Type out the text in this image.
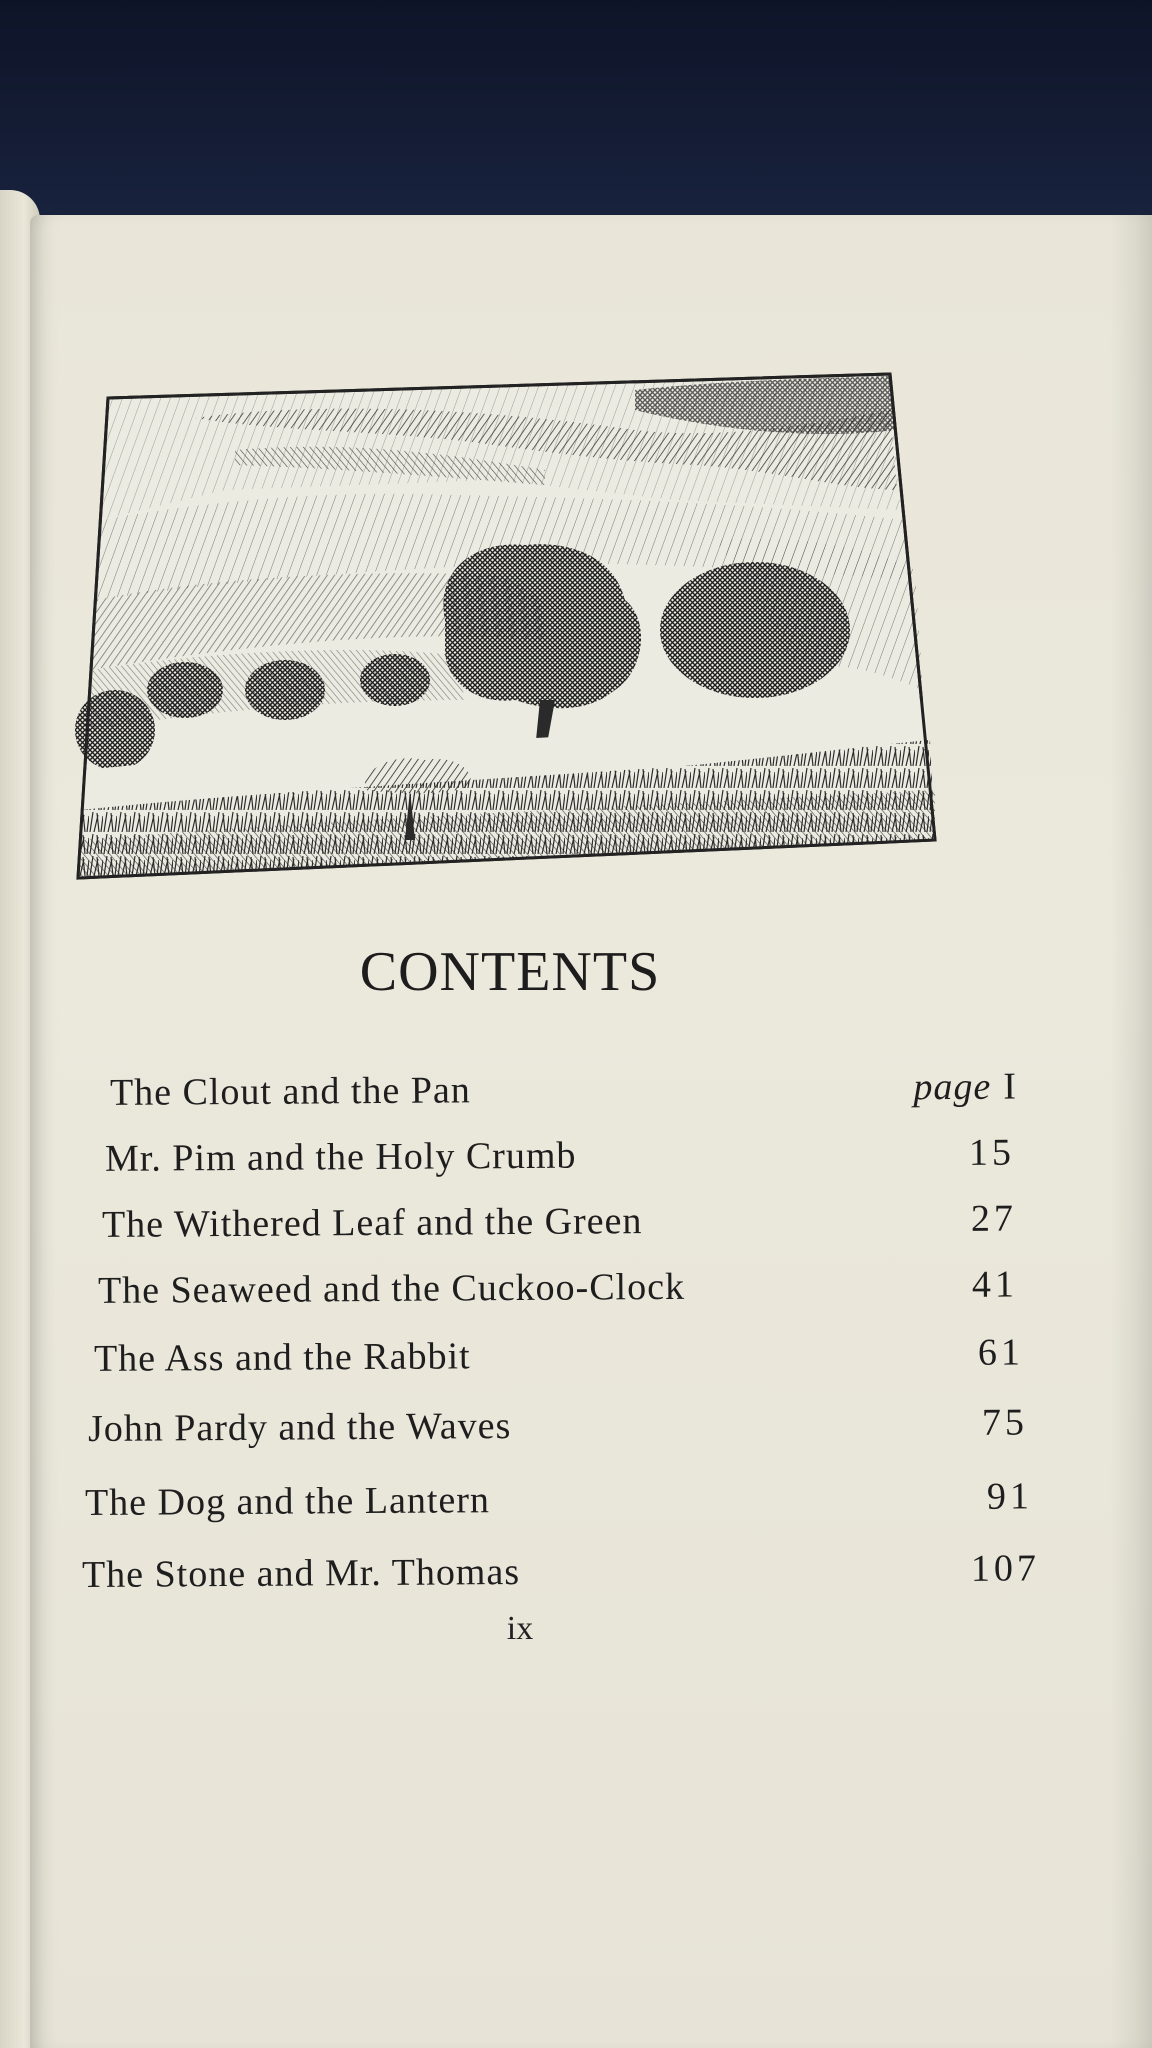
CONTENTS
The Clout and the Pan	page I
Mr. Pim and the Holy Crumb	15
The Withered Leaf and the Green	27
The Seaweed and the Cuckoo-Clock	41
The Ass and the Rabbit	61
John Pardy and the Waves	75
The Dog and the Lantern	91
The Stone and Mr. Thomas	107
ix
